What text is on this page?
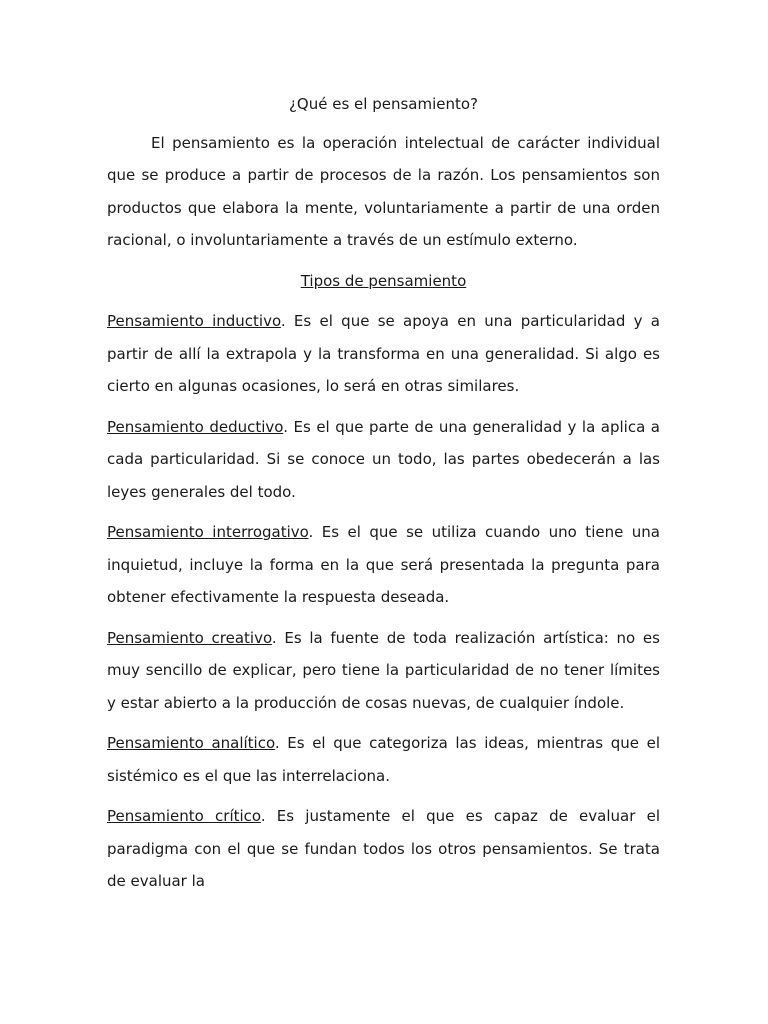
¿Qué es el pensamiento?

El pensamiento es la operación intelectual de carácter individual que se produce a partir de procesos de la razón. Los pensamientos son productos que elabora la mente, voluntariamente a partir de una orden racional, o involuntariamente a través de un estímulo externo.

Tipos de pensamiento

Pensamiento inductivo. Es el que se apoya en una particularidad y a partir de allí la extrapola y la transforma en una generalidad. Si algo es cierto en algunas ocasiones, lo será en otras similares.

Pensamiento deductivo. Es el que parte de una generalidad y la aplica a cada particularidad. Si se conoce un todo, las partes obedecerán a las leyes generales del todo.

Pensamiento interrogativo. Es el que se utiliza cuando uno tiene una inquietud, incluye la forma en la que será presentada la pregunta para obtener efectivamente la respuesta deseada.

Pensamiento creativo. Es la fuente de toda realización artística: no es muy sencillo de explicar, pero tiene la particularidad de no tener límites y estar abierto a la producción de cosas nuevas, de cualquier índole.

Pensamiento analítico. Es el que categoriza las ideas, mientras que el sistémico es el que las interrelaciona.

Pensamiento crítico. Es justamente el que es capaz de evaluar el paradigma con el que se fundan todos los otros pensamientos. Se trata de evaluar la
